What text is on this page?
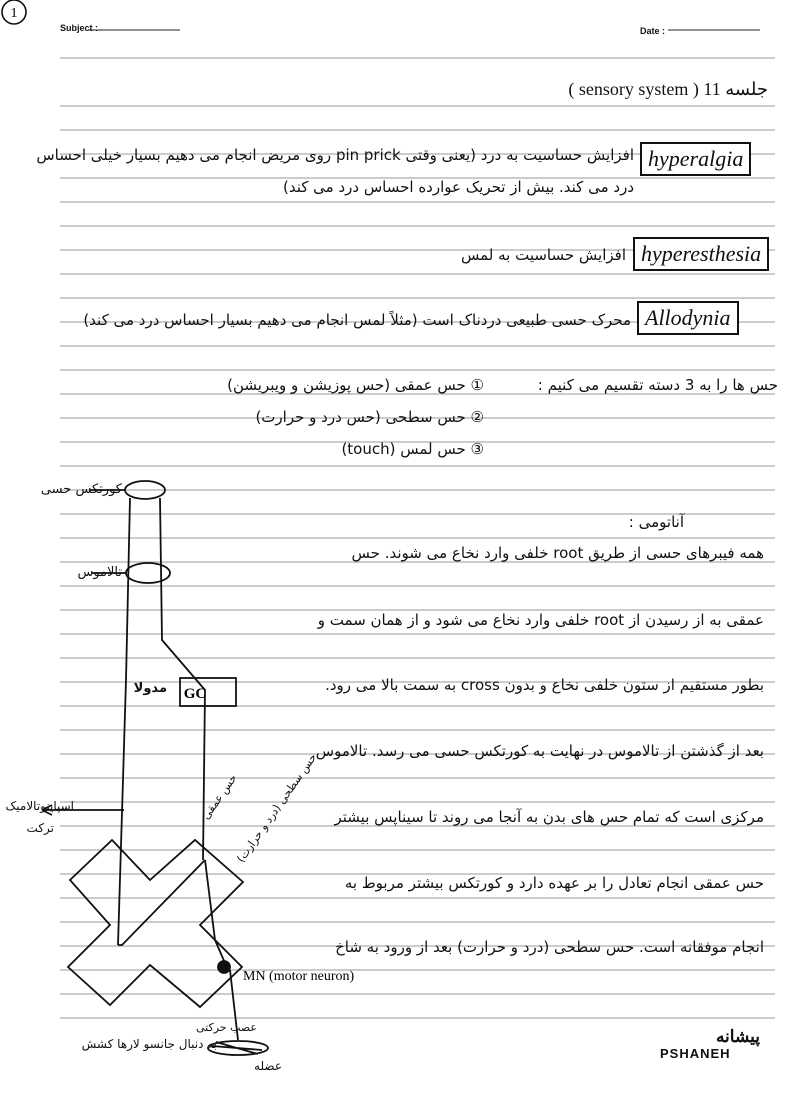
1
Subject :	Date :
جلسه 11 ( sensory system )
hyperalgia
افزایش حساسیت به درد (یعنی وقتی pin prick روی مریض انجام می دهیم بسیار خیلی احساس
درد می کند. بیش از تحریک عوارده احساس درد می کند)
hyperesthesia
افزایش حساسیت به لمس
Allodynia
محرک حسی طبیعی دردناک است (مثلاً لمس انجام می دهیم بسیار احساس درد می کند)
حس ها را به 3 دسته تقسیم می کنیم :
① حس عمقی (حس پوزیشن و ویبریشن)
② حس سطحی (حس درد و حرارت)
③ حس لمس (touch)
آناتومی :
همه فیبرهای حسی از طریق root خلفی وارد نخاع می شوند. حس
عمقی به از رسیدن از root خلفی وارد نخاع می شود و از همان سمت و
بطور مستقیم از ستون خلفی نخاع و بدون cross به سمت بالا می رود.
بعد از گذشتن از تالاموس در نهایت به کورتکس حسی می رسد. تالاموس
مرکزی است که تمام حس های بدن به آنجا می روند تا سیناپس بیشتر
حس عمقی انجام تعادل را بر عهده دارد و کورتکس بیشتر مربوط به
انجام موفقانه است. حس سطحی (درد و حرارت) بعد از ورود به شاخ
GC
MN (motor neuron)
کورتکس حسی
تالاموس
مدولا
اسپاینوتالامیک
ترکت
حس عمقی
حس سطحی (درد و حرارت)
عصب حرکتی
به دنبال جانسو لارها کشش
عضله
پیشانه
PSHANEH
